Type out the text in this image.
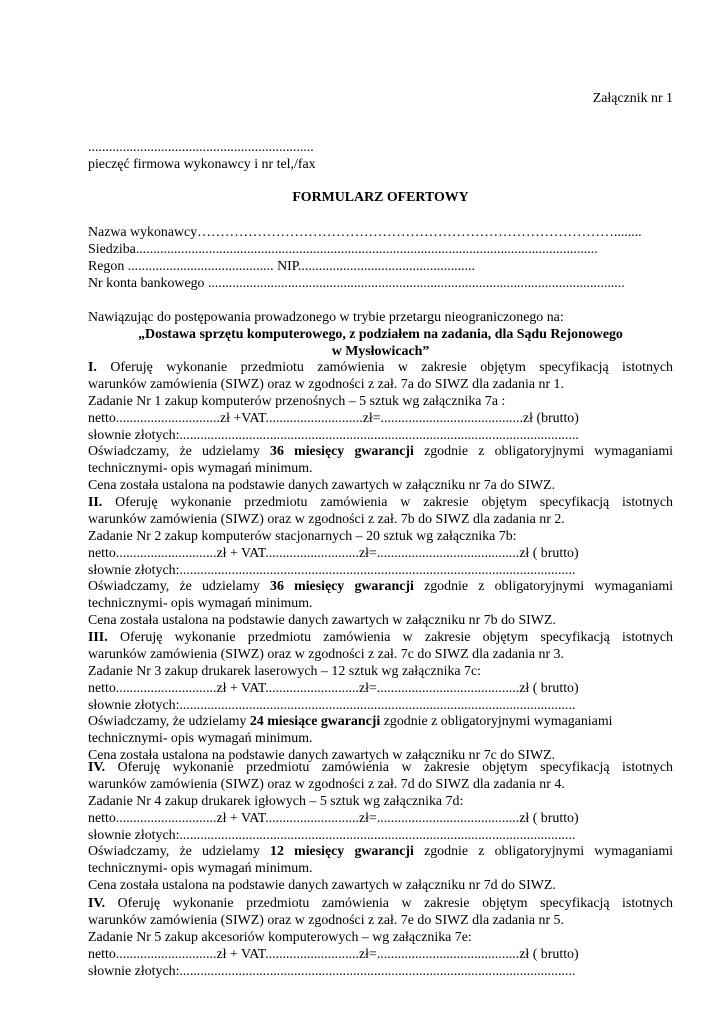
Załącznik nr 1
.................................................................
pieczęć firmowa wykonawcy i nr tel,/fax
FORMULARZ OFERTOWY
Nazwa wykonawcy………………………………………………………………………………........
Siedziba.....................................................................................................................................
Regon .......................................... NIP...................................................
Nr konta bankowego ........................................................................................................................
Nawiązując do postępowania prowadzonego w trybie przetargu nieograniczonego na:
„Dostawa sprzętu komputerowego, z podziałem na zadania, dla Sądu Rejonowego
w Mysłowicach”
I. Oferuję wykonanie przedmiotu zamówienia w zakresie objętym specyfikacją istotnych
warunków zamówienia (SIWZ) oraz w zgodności z zał. 7a do SIWZ dla zadania nr 1.
Zadanie Nr 1 zakup komputerów przenośnych – 5 sztuk wg załącznika 7a :
netto..............................zł +VAT............................zł=.........................................zł (brutto)
słownie złotych:...................................................................................................................
Oświadczamy, że udzielamy 36 miesięcy gwarancji zgodnie z obligatoryjnymi wymaganiami
technicznymi- opis wymagań minimum.
Cena została ustalona na podstawie danych zawartych w załączniku nr 7a do SIWZ.
II. Oferuję wykonanie przedmiotu zamówienia w zakresie objętym specyfikacją istotnych
warunków zamówienia (SIWZ) oraz w zgodności z zał. 7b do SIWZ dla zadania nr 2.
Zadanie Nr 2 zakup komputerów stacjonarnych – 20 sztuk wg załącznika 7b:
netto.............................zł + VAT...........................zł=.........................................zł ( brutto)
słownie złotych:..................................................................................................................
Oświadczamy, że udzielamy 36 miesięcy gwarancji zgodnie z obligatoryjnymi wymaganiami
technicznymi- opis wymagań minimum.
Cena została ustalona na podstawie danych zawartych w załączniku nr 7b do SIWZ.
III. Oferuję wykonanie przedmiotu zamówienia w zakresie objętym specyfikacją istotnych
warunków zamówienia (SIWZ) oraz w zgodności z zał. 7c do SIWZ dla zadania nr 3.
Zadanie Nr 3 zakup drukarek laserowych – 12 sztuk wg załącznika 7c:
netto.............................zł + VAT...........................zł=.........................................zł ( brutto)
słownie złotych:..................................................................................................................
Oświadczamy, że udzielamy 24 miesiące gwarancji zgodnie z obligatoryjnymi wymaganiami
technicznymi- opis wymagań minimum.
Cena została ustalona na podstawie danych zawartych w załączniku nr 7c do SIWZ.
IV. Oferuję wykonanie przedmiotu zamówienia w zakresie objętym specyfikacją istotnych
warunków zamówienia (SIWZ) oraz w zgodności z zał. 7d do SIWZ dla zadania nr 4.
Zadanie Nr 4 zakup drukarek igłowych – 5 sztuk wg załącznika 7d:
netto.............................zł + VAT...........................zł=.........................................zł ( brutto)
słownie złotych:..................................................................................................................
Oświadczamy, że udzielamy 12 miesięcy gwarancji zgodnie z obligatoryjnymi wymaganiami
technicznymi- opis wymagań minimum.
Cena została ustalona na podstawie danych zawartych w załączniku nr 7d do SIWZ.
IV. Oferuję wykonanie przedmiotu zamówienia w zakresie objętym specyfikacją istotnych
warunków zamówienia (SIWZ) oraz w zgodności z zał. 7e do SIWZ dla zadania nr 5.
Zadanie Nr 5 zakup akcesoriów komputerowych – wg załącznika 7e:
netto.............................zł + VAT...........................zł=.........................................zł ( brutto)
słownie złotych:..................................................................................................................
